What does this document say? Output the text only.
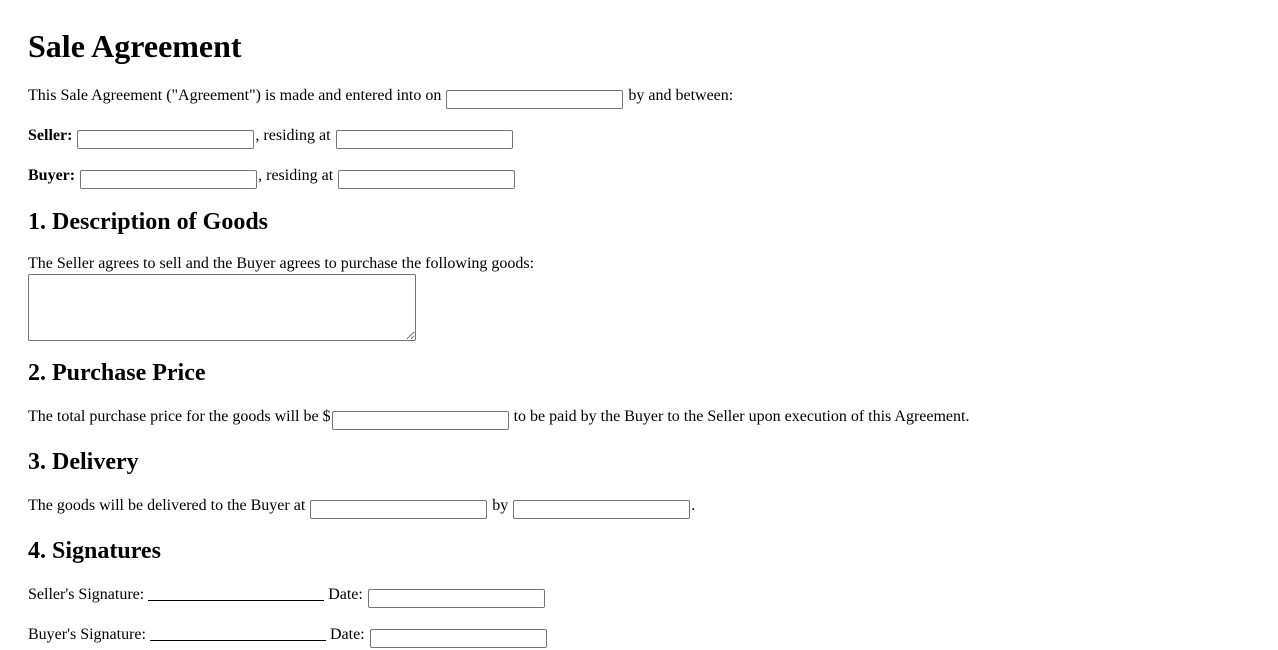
Sale Agreement

This Sale Agreement ("Agreement") is made and entered into on	by and between:

Seller:	, residing at

Buyer:	, residing at

1. Description of Goods

The Seller agrees to sell and the Buyer agrees to purchase the following goods:

2. Purchase Price

The total purchase price for the goods will be $	to be paid by the Buyer to the Seller upon execution of this Agreement.

3. Delivery

The goods will be delivered to the Buyer at	by	.

4. Signatures

Seller's Signature:	Date:

Buyer's Signature:	Date:
